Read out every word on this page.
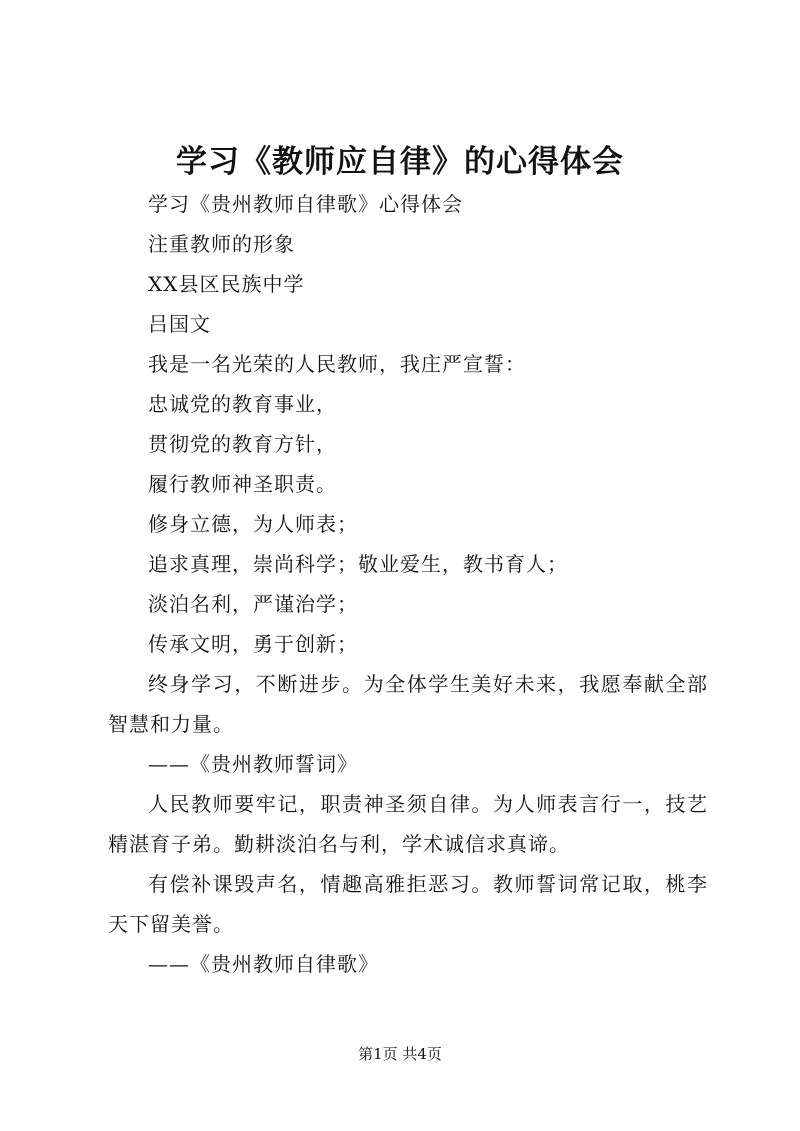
学习《教师应自律》的心得体会

学习《贵州教师自律歌》心得体会

注重教师的形象

XX县区民族中学

吕国文

我是一名光荣的人民教师，我庄严宣誓：

忠诚党的教育事业，

贯彻党的教育方针，

履行教师神圣职责。

修身立德，为人师表；

追求真理，崇尚科学；敬业爱生，教书育人；

淡泊名利，严谨治学；

传承文明，勇于创新；

终身学习，不断进步。为全体学生美好未来，我愿奉献全部智慧和力量。

——《贵州教师誓词》

人民教师要牢记，职责神圣须自律。为人师表言行一，技艺精湛育子弟。勤耕淡泊名与利，学术诚信求真谛。

有偿补课毁声名，情趣高雅拒恶习。教师誓词常记取，桃李天下留美誉。

——《贵州教师自律歌》

第1页 共4页
